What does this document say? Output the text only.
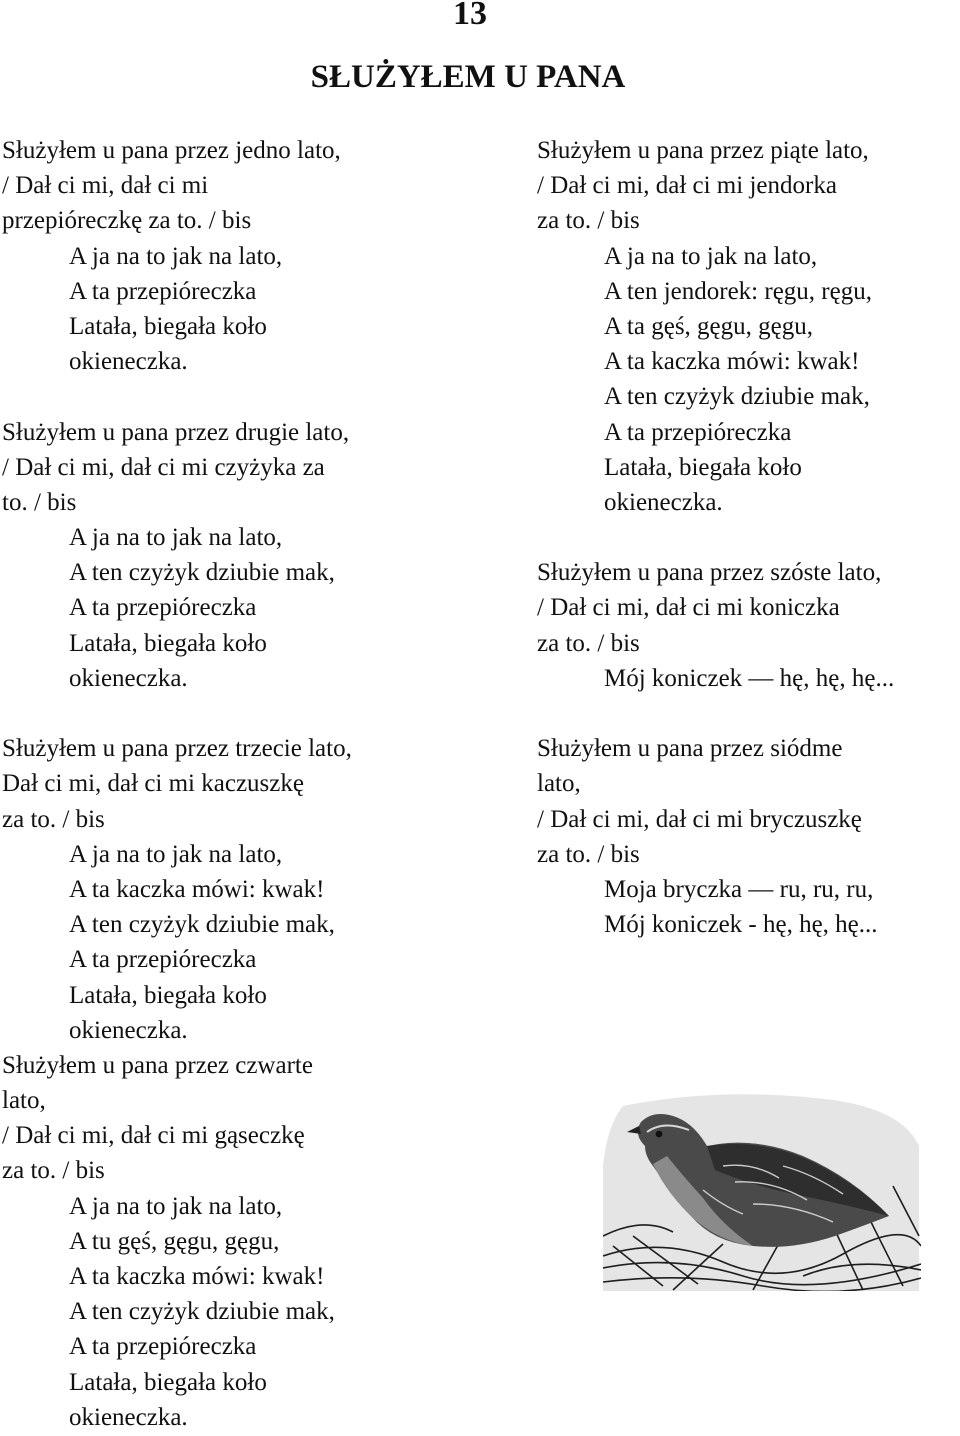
13
SŁUŻYŁEM U PANA
Służyłem u pana przez jedno lato,
/ Dał ci mi, dał ci mi
przepióreczkę za to. / bis
A ja na to jak na lato,
A ta przepióreczka
Latała, biegała koło
okieneczka.
Służyłem u pana przez drugie lato,
/ Dał ci mi, dał ci mi czyżyka za
to. / bis
A ja na to jak na lato,
A ten czyżyk dziubie mak,
A ta przepióreczka
Latała, biegała koło
okieneczka.
Służyłem u pana przez trzecie lato,
Dał ci mi, dał ci mi kaczuszkę
za to. / bis
A ja na to jak na lato,
A ta kaczka mówi: kwak!
A ten czyżyk dziubie mak,
A ta przepióreczka
Latała, biegała koło
okieneczka.
Służyłem u pana przez czwarte
lato,
/ Dał ci mi, dał ci mi gąseczkę
za to. / bis
A ja na to jak na lato,
A tu gęś, gęgu, gęgu,
A ta kaczka mówi: kwak!
A ten czyżyk dziubie mak,
A ta przepióreczka
Latała, biegała koło
okieneczka.
Służyłem u pana przez piąte lato,
/ Dał ci mi, dał ci mi jendorka
za to. / bis
A ja na to jak na lato,
A ten jendorek: ręgu, ręgu,
A ta gęś, gęgu, gęgu,
A ta kaczka mówi: kwak!
A ten czyżyk dziubie mak,
A ta przepióreczka
Latała, biegała koło
okieneczka.
Służyłem u pana przez szóste lato,
/ Dał ci mi, dał ci mi koniczka
za to. / bis
Mój koniczek — hę, hę, hę...
Służyłem u pana przez siódme
lato,
/ Dał ci mi, dał ci mi bryczuszkę
za to. / bis
Moja bryczka — ru, ru, ru,
Mój koniczek - hę, hę, hę...
